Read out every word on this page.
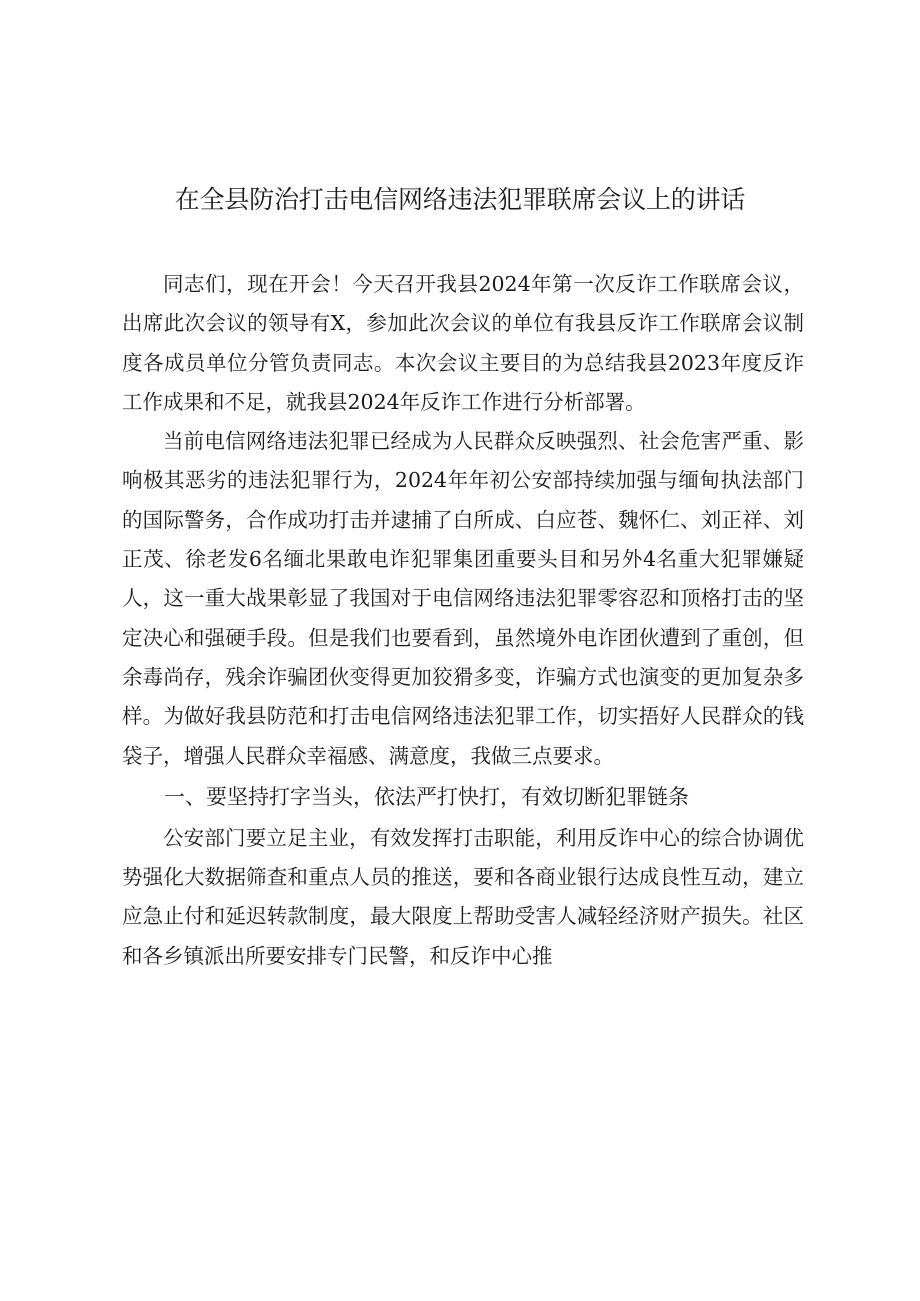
在全县防治打击电信网络违法犯罪联席会议上的讲话

同志们，现在开会！今天召开我县2024年第一次反诈工作联席会议，出席此次会议的领导有X，参加此次会议的单位有我县反诈工作联席会议制度各成员单位分管负责同志。本次会议主要目的为总结我县2023年度反诈工作成果和不足，就我县2024年反诈工作进行分析部署。

当前电信网络违法犯罪已经成为人民群众反映强烈、社会危害严重、影响极其恶劣的违法犯罪行为，2024年年初公安部持续加强与缅甸执法部门的国际警务，合作成功打击并逮捕了白所成、白应苍、魏怀仁、刘正祥、刘正茂、徐老发6名缅北果敢电诈犯罪集团重要头目和另外4名重大犯罪嫌疑人，这一重大战果彰显了我国对于电信网络违法犯罪零容忍和顶格打击的坚定决心和强硬手段。但是我们也要看到，虽然境外电诈团伙遭到了重创，但余毒尚存，残余诈骗团伙变得更加狡猾多变，诈骗方式也演变的更加复杂多样。为做好我县防范和打击电信网络违法犯罪工作，切实捂好人民群众的钱袋子，增强人民群众幸福感、满意度，我做三点要求。

一、要坚持打字当头，依法严打快打，有效切断犯罪链条

公安部门要立足主业，有效发挥打击职能，利用反诈中心的综合协调优势强化大数据筛查和重点人员的推送，要和各商业银行达成良性互动，建立应急止付和延迟转款制度，最大限度上帮助受害人减轻经济财产损失。社区和各乡镇派出所要安排专门民警，和反诈中心推
